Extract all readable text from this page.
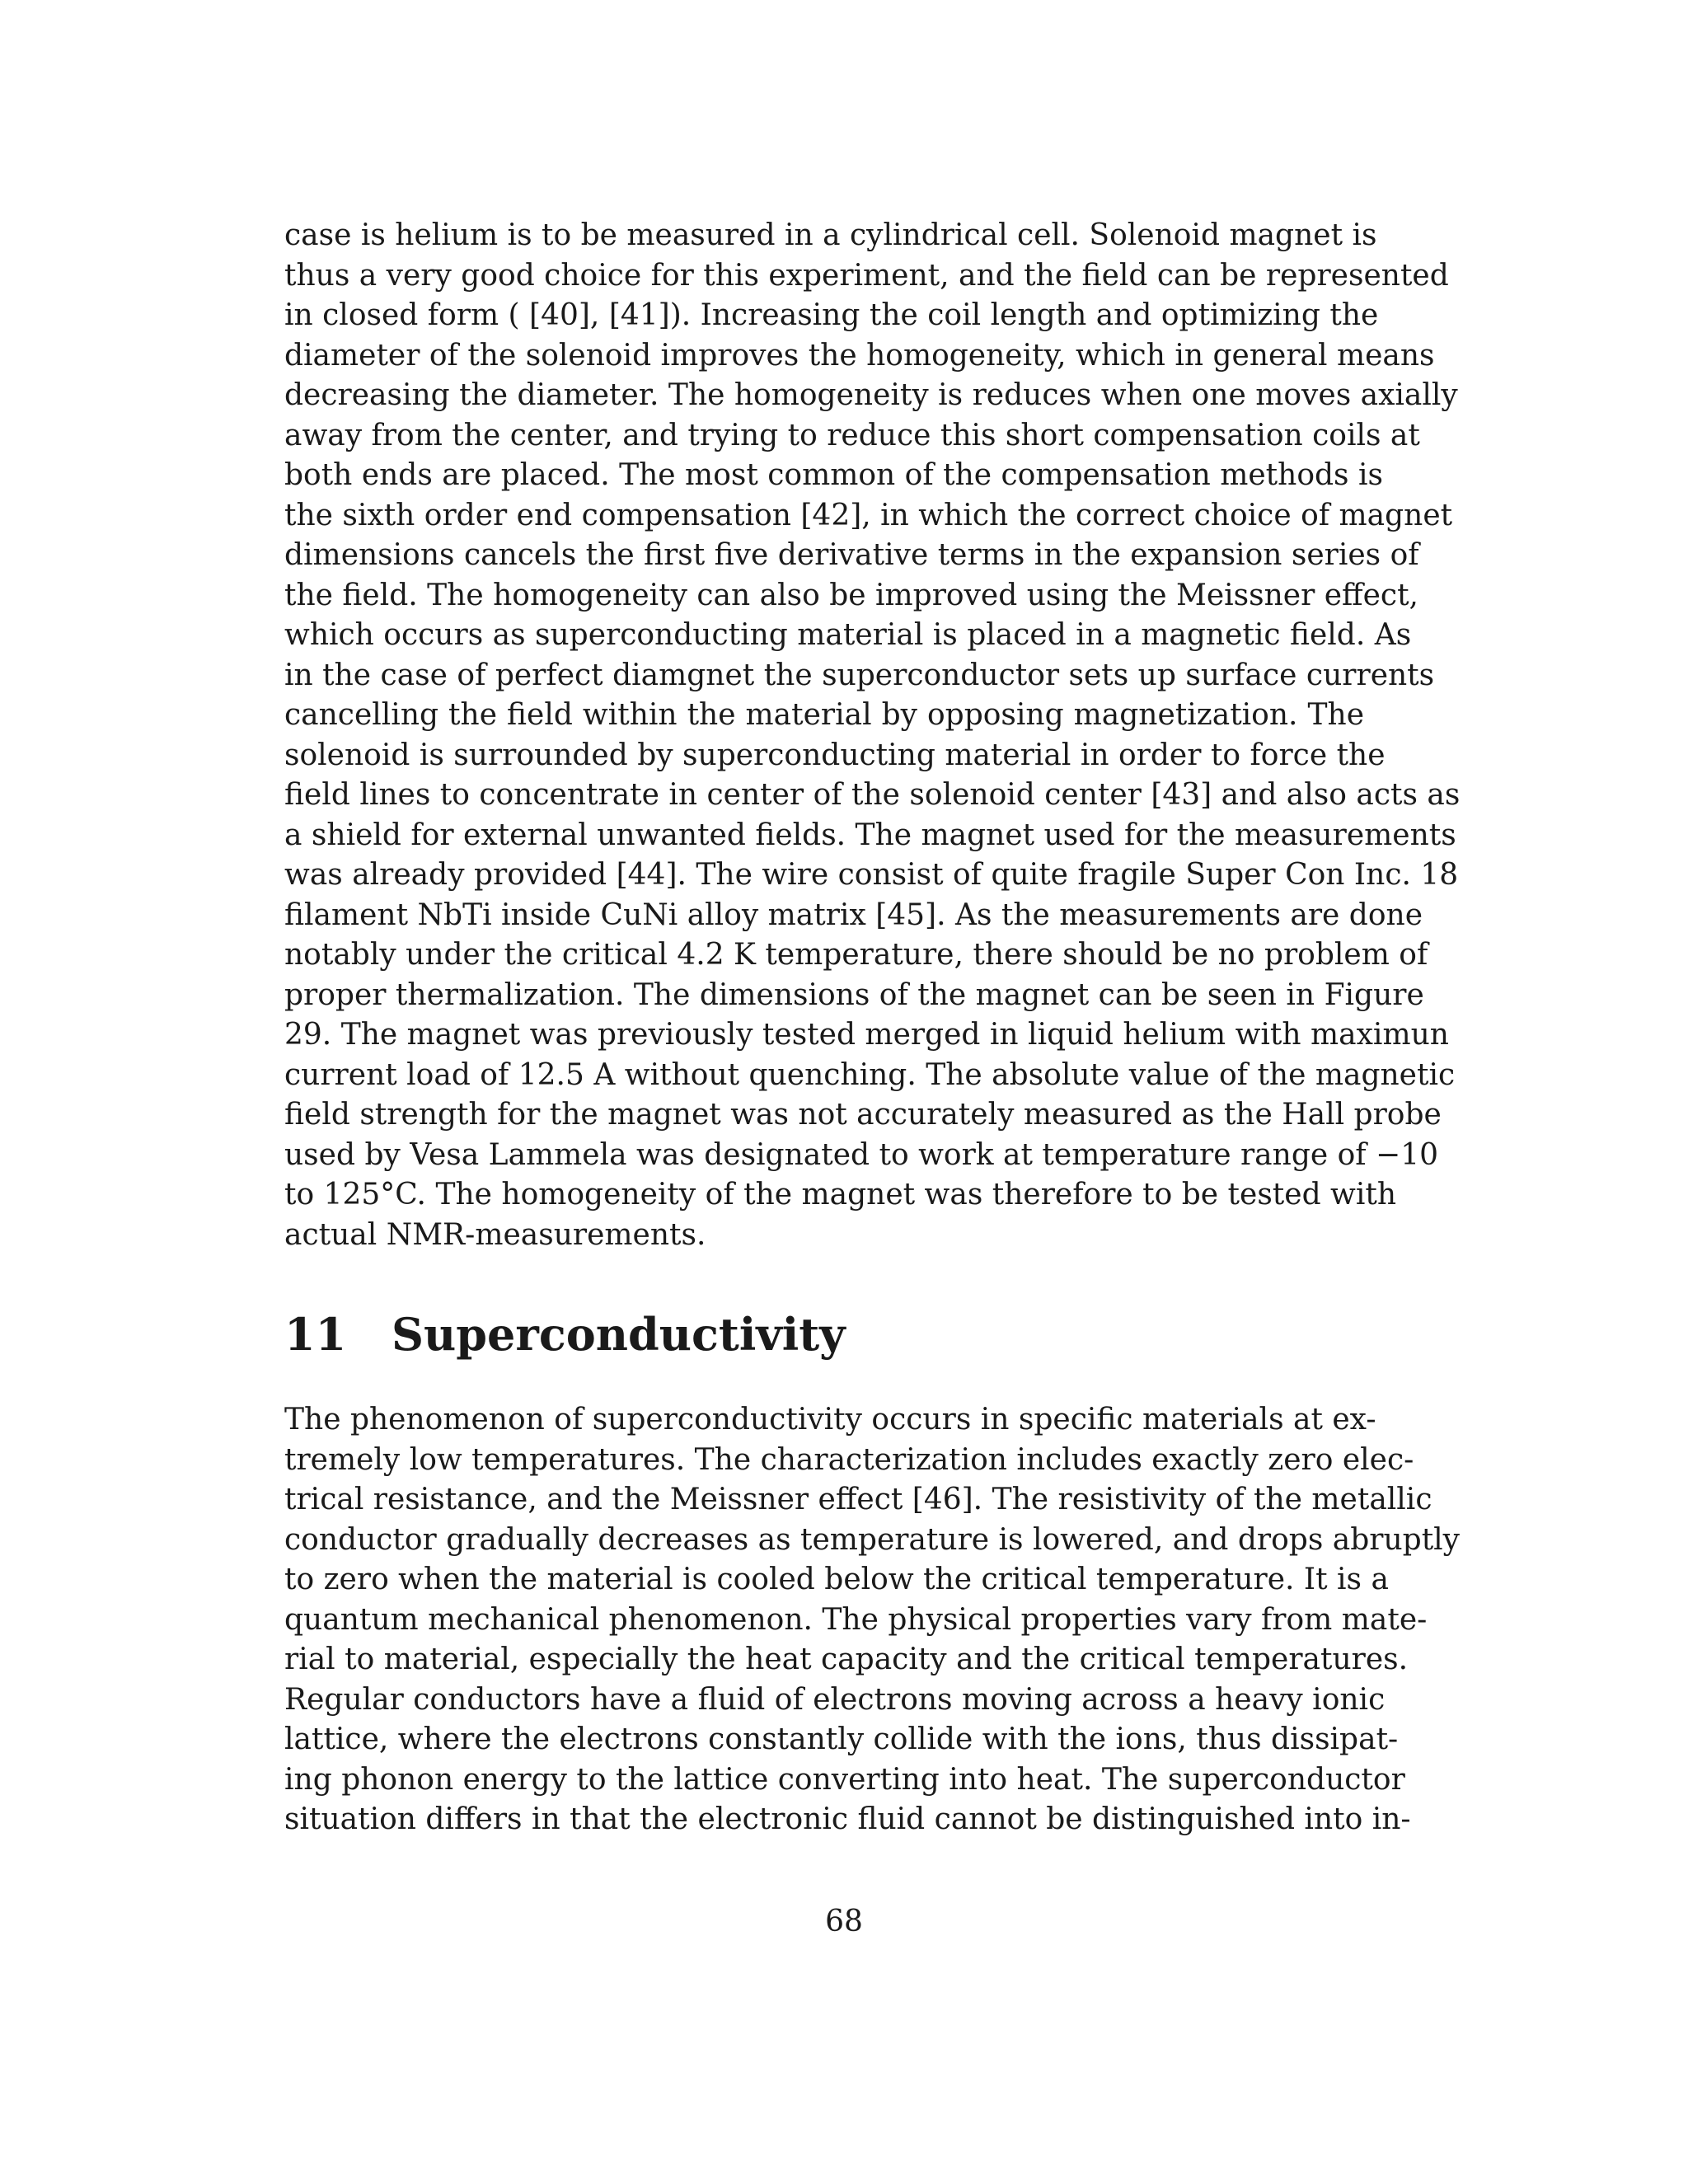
case is helium is to be measured in a cylindrical cell. Solenoid magnet is
thus a very good choice for this experiment, and the field can be represented
in closed form ( [40], [41]). Increasing the coil length and optimizing the
diameter of the solenoid improves the homogeneity, which in general means
decreasing the diameter. The homogeneity is reduces when one moves axially
away from the center, and trying to reduce this short compensation coils at
both ends are placed. The most common of the compensation methods is
the sixth order end compensation [42], in which the correct choice of magnet
dimensions cancels the first five derivative terms in the expansion series of
the field. The homogeneity can also be improved using the Meissner effect,
which occurs as superconducting material is placed in a magnetic field. As
in the case of perfect diamgnet the superconductor sets up surface currents
cancelling the field within the material by opposing magnetization. The
solenoid is surrounded by superconducting material in order to force the
field lines to concentrate in center of the solenoid center [43] and also acts as
a shield for external unwanted fields. The magnet used for the measurements
was already provided [44]. The wire consist of quite fragile Super Con Inc. 18
filament NbTi inside CuNi alloy matrix [45]. As the measurements are done
notably under the critical 4.2 K temperature, there should be no problem of
proper thermalization. The dimensions of the magnet can be seen in Figure
29. The magnet was previously tested merged in liquid helium with maximun
current load of 12.5 A without quenching. The absolute value of the magnetic
field strength for the magnet was not accurately measured as the Hall probe
used by Vesa Lammela was designated to work at temperature range of −10
to 125°C. The homogeneity of the magnet was therefore to be tested with
actual NMR-measurements.
11	Superconductivity
The phenomenon of superconductivity occurs in specific materials at ex-
tremely low temperatures. The characterization includes exactly zero elec-
trical resistance, and the Meissner effect [46]. The resistivity of the metallic
conductor gradually decreases as temperature is lowered, and drops abruptly
to zero when the material is cooled below the critical temperature. It is a
quantum mechanical phenomenon. The physical properties vary from mate-
rial to material, especially the heat capacity and the critical temperatures.
Regular conductors have a fluid of electrons moving across a heavy ionic
lattice, where the electrons constantly collide with the ions, thus dissipat-
ing phonon energy to the lattice converting into heat. The superconductor
situation differs in that the electronic fluid cannot be distinguished into in-
68
